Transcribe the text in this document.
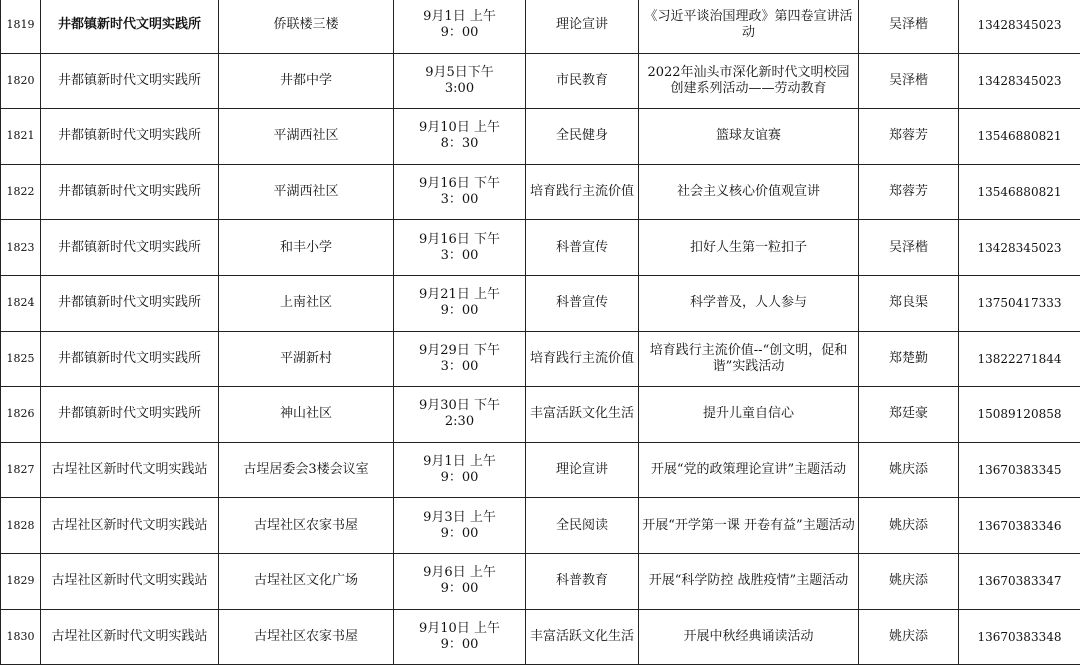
1819	井都镇新时代文明实践所	侨联楼三楼	9月1日 上午
9：00	理论宣讲	《习近平谈治国理政》第四卷宣讲活动	吴泽楷	13428345023
1820	井都镇新时代文明实践所	井都中学	9月5日下午
3:00	市民教育	2022年汕头市深化新时代文明校园创建系列活动——劳动教育	吴泽楷	13428345023
1821	井都镇新时代文明实践所	平湖西社区	9月10日 上午
8：30	全民健身	篮球友谊赛	郑蓉芳	13546880821
1822	井都镇新时代文明实践所	平湖西社区	9月16日 下午
3：00	培育践行主流价值	社会主义核心价值观宣讲	郑蓉芳	13546880821
1823	井都镇新时代文明实践所	和丰小学	9月16日 下午
3：00	科普宣传	扣好人生第一粒扣子	吴泽楷	13428345023
1824	井都镇新时代文明实践所	上南社区	9月21日 上午
9：00	科普宣传	科学普及，人人参与	郑良渠	13750417333
1825	井都镇新时代文明实践所	平湖新村	9月29日 下午
3：00	培育践行主流价值	培育践行主流价值--“创文明，促和谐”实践活动	郑楚勤	13822271844
1826	井都镇新时代文明实践所	神山社区	9月30日 下午
2:30	丰富活跃文化生活	提升儿童自信心	郑廷豪	15089120858
1827	古埕社区新时代文明实践站	古埕居委会3楼会议室	9月1日 上午
9：00	理论宣讲	开展“党的政策理论宣讲”主题活动	姚庆添	13670383345
1828	古埕社区新时代文明实践站	古埕社区农家书屋	9月3日 上午
9：00	全民阅读	开展“开学第一课 开卷有益”主题活动	姚庆添	13670383346
1829	古埕社区新时代文明实践站	古埕社区文化广场	9月6日 上午
9：00	科普教育	开展“科学防控 战胜疫情”主题活动	姚庆添	13670383347
1830	古埕社区新时代文明实践站	古埕社区农家书屋	9月10日 上午
9：00	丰富活跃文化生活	开展中秋经典诵读活动	姚庆添	13670383348
